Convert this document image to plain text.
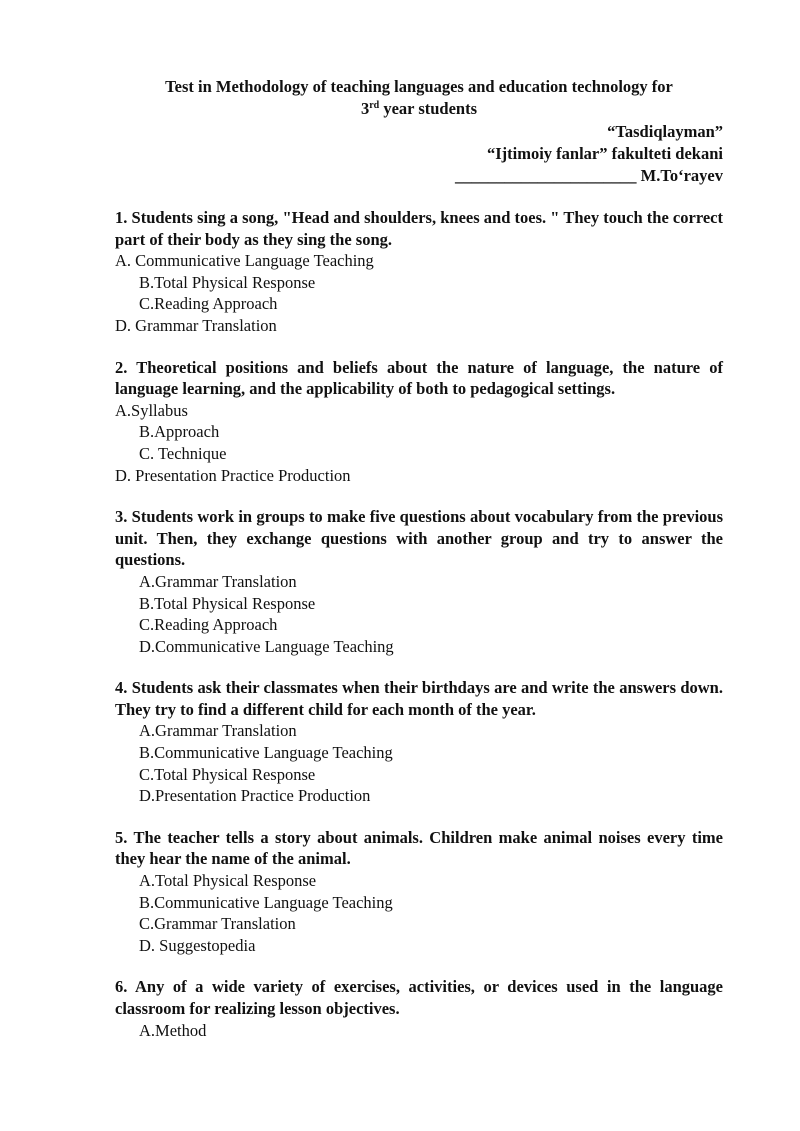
Test in Methodology of teaching languages and education technology for
3rd year students
“Tasdiqlayman”
“Ijtimoiy fanlar” fakulteti dekani
______________________ M.To‘rayev
1. Students sing a song, "Head and shoulders, knees and toes. " They touch the correct part of their body as they sing the song.
A. Communicative Language Teaching
B.Total Physical Response
C.Reading Approach
D. Grammar Translation
2. Theoretical positions and beliefs about the nature of language, the nature of language learning, and the applicability of both to pedagogical settings.
A.Syllabus
B.Approach
C. Technique
D. Presentation Practice Production
3. Students work in groups to make five questions about vocabulary from the previous unit. Then, they exchange questions with another group and try to answer the questions.
A.Grammar Translation
B.Total Physical Response
C.Reading Approach
D.Communicative Language Teaching
4. Students ask their classmates when their birthdays are and write the answers down. They try to find a different child for each month of the year.
A.Grammar Translation
B.Communicative Language Teaching
C.Total Physical Response
D.Presentation Practice Production
5. The teacher tells a story about animals. Children make animal noises every time they hear the name of the animal.
A.Total Physical Response
B.Communicative Language Teaching
C.Grammar Translation
D. Suggestopedia
6. Any of a wide variety of exercises, activities, or devices used in the language classroom for realizing lesson objectives.
A.Method
